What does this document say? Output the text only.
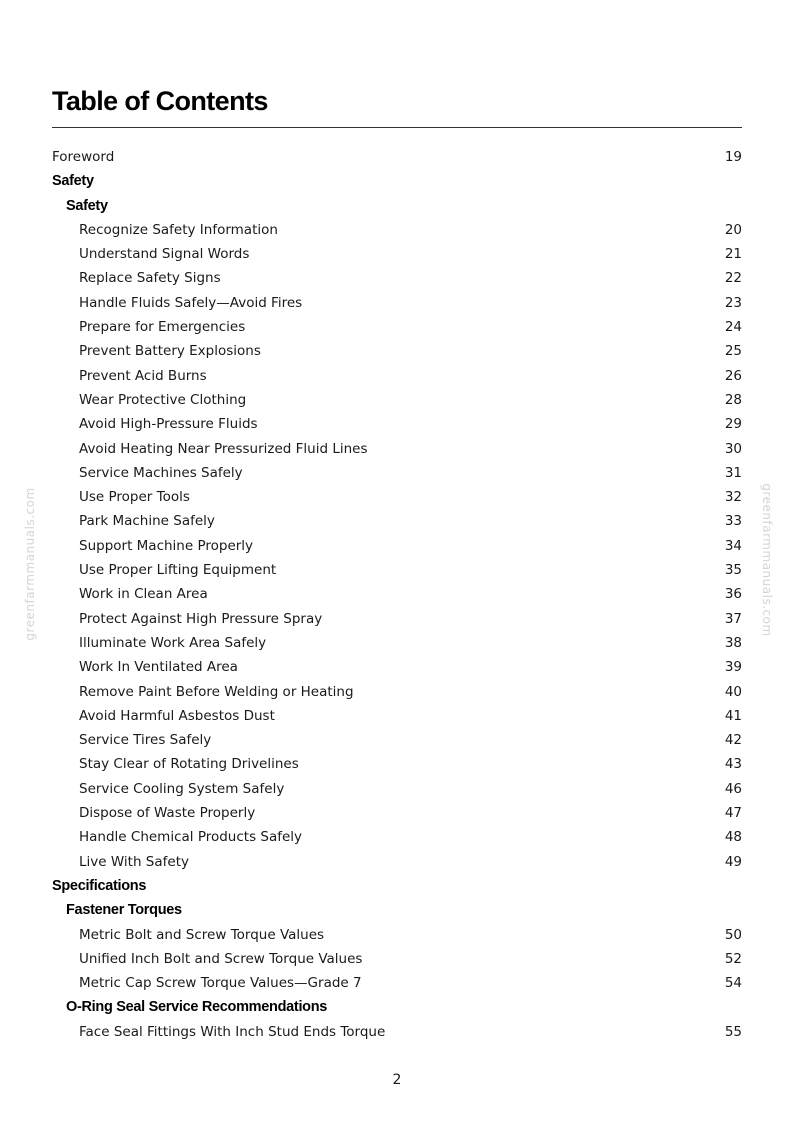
Table of Contents
Foreword	19
Safety
Safety
Recognize Safety Information	20
Understand Signal Words	21
Replace Safety Signs	22
Handle Fluids Safely—Avoid Fires	23
Prepare for Emergencies	24
Prevent Battery Explosions	25
Prevent Acid Burns	26
Wear Protective Clothing	28
Avoid High-Pressure Fluids	29
Avoid Heating Near Pressurized Fluid Lines	30
Service Machines Safely	31
Use Proper Tools	32
Park Machine Safely	33
Support Machine Properly	34
Use Proper Lifting Equipment	35
Work in Clean Area	36
Protect Against High Pressure Spray	37
Illuminate Work Area Safely	38
Work In Ventilated Area	39
Remove Paint Before Welding or Heating	40
Avoid Harmful Asbestos Dust	41
Service Tires Safely	42
Stay Clear of Rotating Drivelines	43
Service Cooling System Safely	46
Dispose of Waste Properly	47
Handle Chemical Products Safely	48
Live With Safety	49
Specifications
Fastener Torques
Metric Bolt and Screw Torque Values	50
Unified Inch Bolt and Screw Torque Values	52
Metric Cap Screw Torque Values—Grade 7	54
O-Ring Seal Service Recommendations
Face Seal Fittings With Inch Stud Ends Torque	55
2
greenfarmmanuals.com	greenfarmmanuals.com
